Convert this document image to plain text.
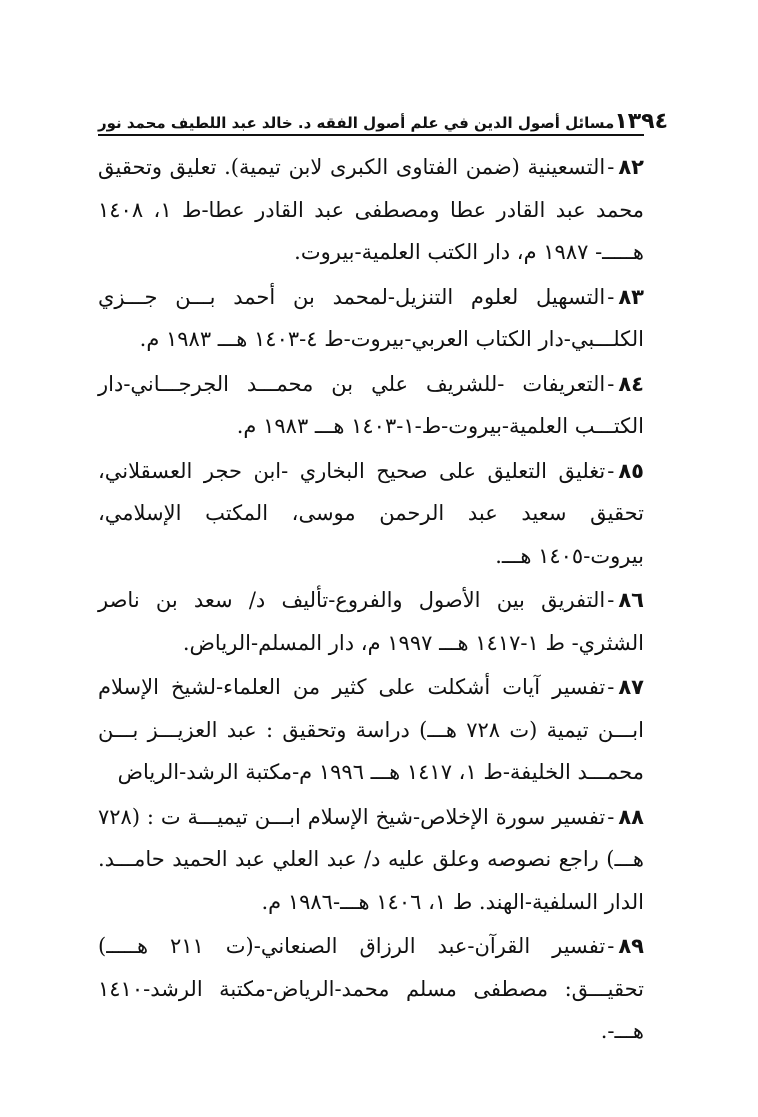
مسائل أصول الدين في علم أصول الفقه د. خالد عبد اللطيف محمد نور ١٣٩٤

٨٢-التسعينية (ضمن الفتاوى الكبرى لابن تيمية). تعليق وتحقيق محمد عبد القادر عطا ومصطفى عبد القادر عطا-ط ١، ١٤٠٨ هـــــ- ١٩٨٧ م، دار الكتب العلمية-بيروت.

٨٣-التسهيل لعلوم التنزيل-لمحمد بن أحمد بـــن جـــزي الكلـــبي-دار الكتاب العربي-بيروت-ط ٤-١٤٠٣ هـــ ١٩٨٣ م.

٨٤-التعريفات -للشريف علي بن محمـــد الجرجـــاني-دار الكتـــب العلمية-بيروت-ط-١-١٤٠٣ هـــ ١٩٨٣ م.

٨٥-تغليق التعليق على صحيح البخاري -ابن حجر العسقلاني، تحقيق سعيد عبد الرحمن موسى، المكتب الإسلامي، بيروت-١٤٠٥ هـــ.

٨٦-التفريق بين الأصول والفروع-تأليف د/ سعد بن ناصر الشثري- ط ١-١٤١٧ هـــ ١٩٩٧ م، دار المسلم-الرياض.

٨٧-تفسير آيات أشكلت على كثير من العلماء-لشيخ الإسلام ابـــن تيمية (ت ٧٢٨ هـــ) دراسة وتحقيق : عبد العزيـــز بـــن محمـــد الخليفة-ط ١، ١٤١٧ هـــ ١٩٩٦ م-مكتبة الرشد-الرياض

٨٨-تفسير سورة الإخلاص-شيخ الإسلام ابـــن تيميـــة ت : (٧٢٨ هـــ) راجع نصوصه وعلق عليه د/ عبد العلي عبد الحميد حامـــد. الدار السلفية-الهند. ط ١، ١٤٠٦ هـــ-١٩٨٦ م.

٨٩-تفسير القرآن-عبد الرزاق الصنعاني-(ت ٢١١ هـــــ) تحقيـــق: مصطفى مسلم محمد-الرياض-مكتبة الرشد-١٤١٠ هـــ-.
